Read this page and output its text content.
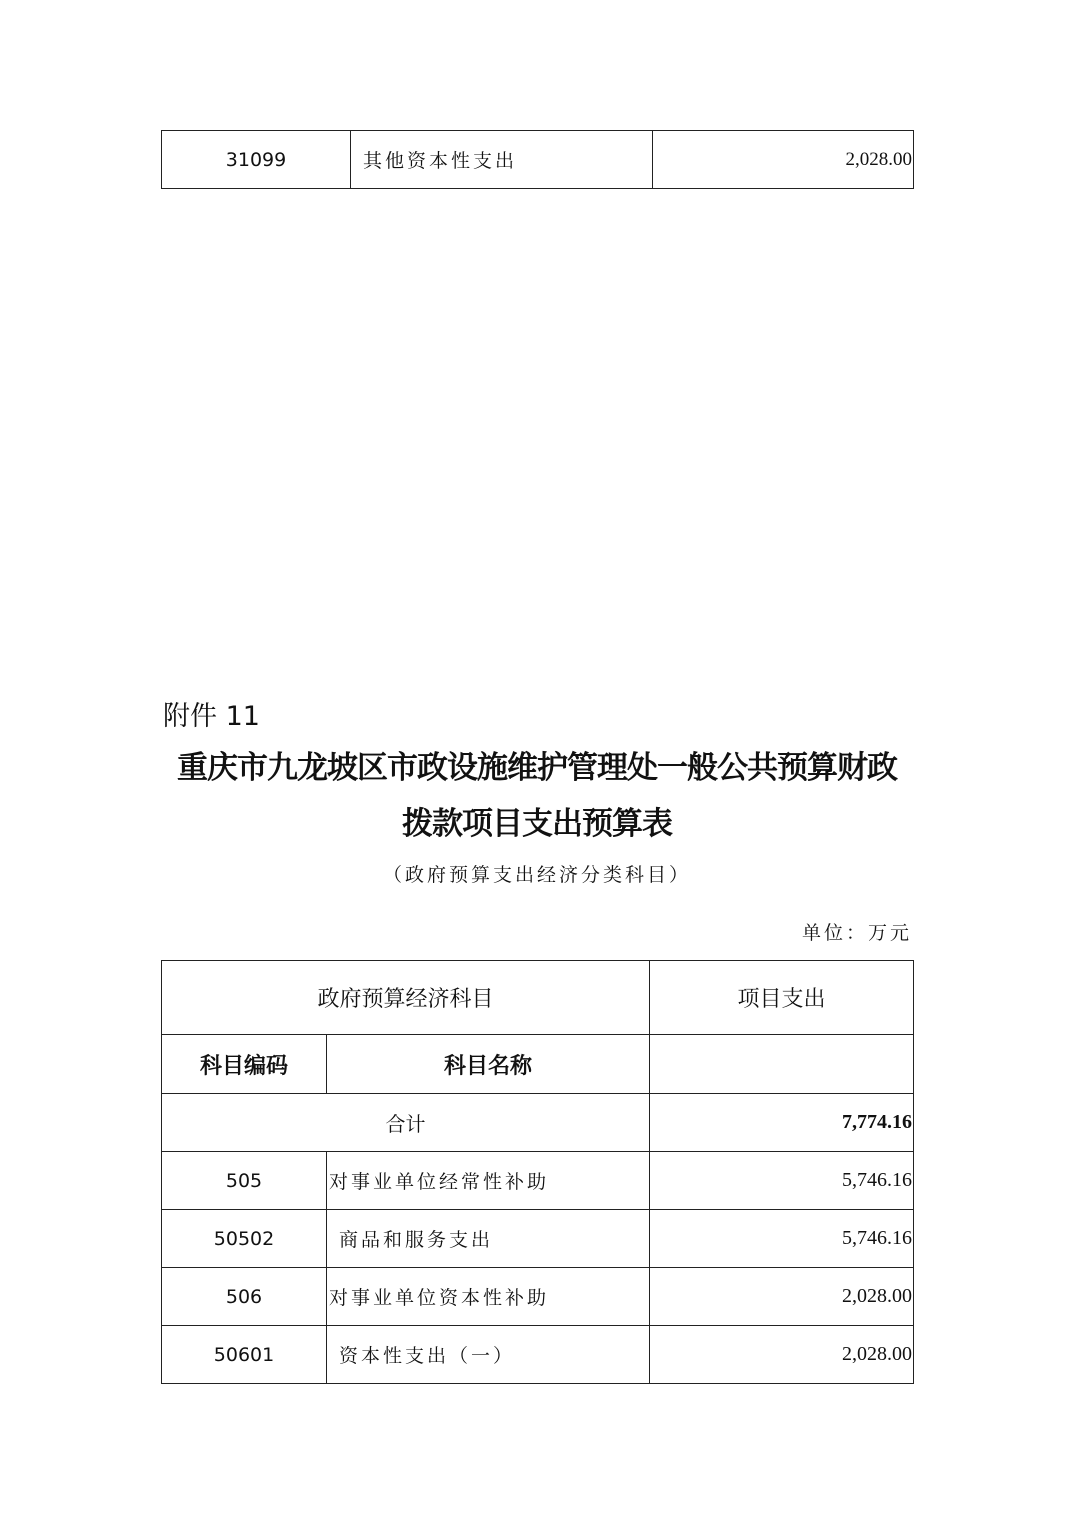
31099	其他资本性支出	2,028.00
附件 11
重庆市九龙坡区市政设施维护管理处一般公共预算财政
拨款项目支出预算表
（政府预算支出经济分类科目）
单位：万元
政府预算经济科目		项目支出
科目编码	科目名称	
合计		7,774.16
505	对事业单位经常性补助	5,746.16
50502	商品和服务支出	5,746.16
506	对事业单位资本性补助	2,028.00
50601	资本性支出（一）	2,028.00
